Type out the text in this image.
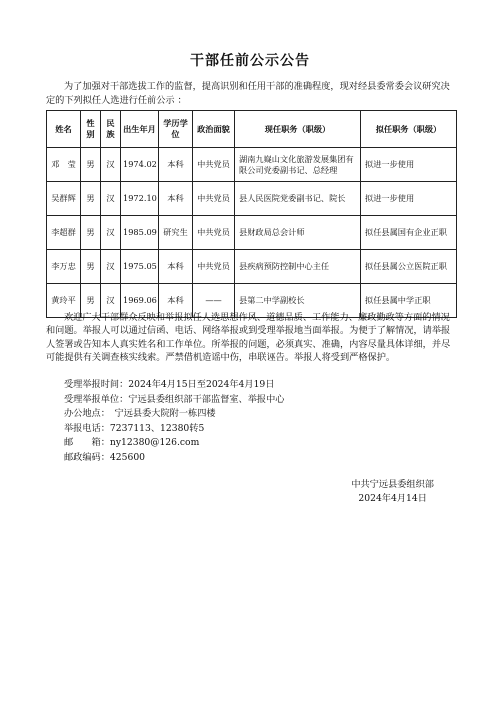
干部任前公示公告
为了加强对干部选拔工作的监督，提高识别和任用干部的准确程度，现对经县委常委会议研究决定的下列拟任人选进行任前公示 ：
姓名	性别	民族	出生年月	学历学位	政治面貌	现任职务（职级）	拟任职务（职级）
邓　莹	男	汉	1974.02	本科	中共党员	湖南九嶷山文化旅游发展集团有限公司党委副书记、总经理	拟进一步使用
吴群辉	男	汉	1972.10	本科	中共党员	县人民医院党委副书记、院长	拟进一步使用
李超群	男	汉	1985.09	研究生	中共党员	县财政局总会计师	拟任县属国有企业正职
李万忠	男	汉	1975.05	本科	中共党员	县疾病预防控制中心主任	拟任县属公立医院正职
黄玲平	男	汉	1969.06	本科	——	县第二中学副校长	拟任县属中学正职
欢迎广大干部群众反映和举报拟任人选思想作风、道德品质、工作能力、廉政勤政等方面的情况和问题。举报人可以通过信函、电话、网络举报或到受理举报地当面举报。为便于了解情况，请举报人签署或告知本人真实姓名和工作单位。所举报的问题，必须真实、准确，内容尽量具体详细，并尽可能提供有关调查核实线索。严禁借机造谣中伤，串联诬告。举报人将受到严格保护。
受理举报时间：2024年4月15日至2024年4月19日
受理举报单位：宁远县委组织部干部监督室、举报中心
办公地点：　宁远县委大院附一栋四楼
举报电话：7237113、12380转5
邮　　箱：ny12380@126.com
邮政编码：425600
中共宁远县委组织部
2024年4月14日
